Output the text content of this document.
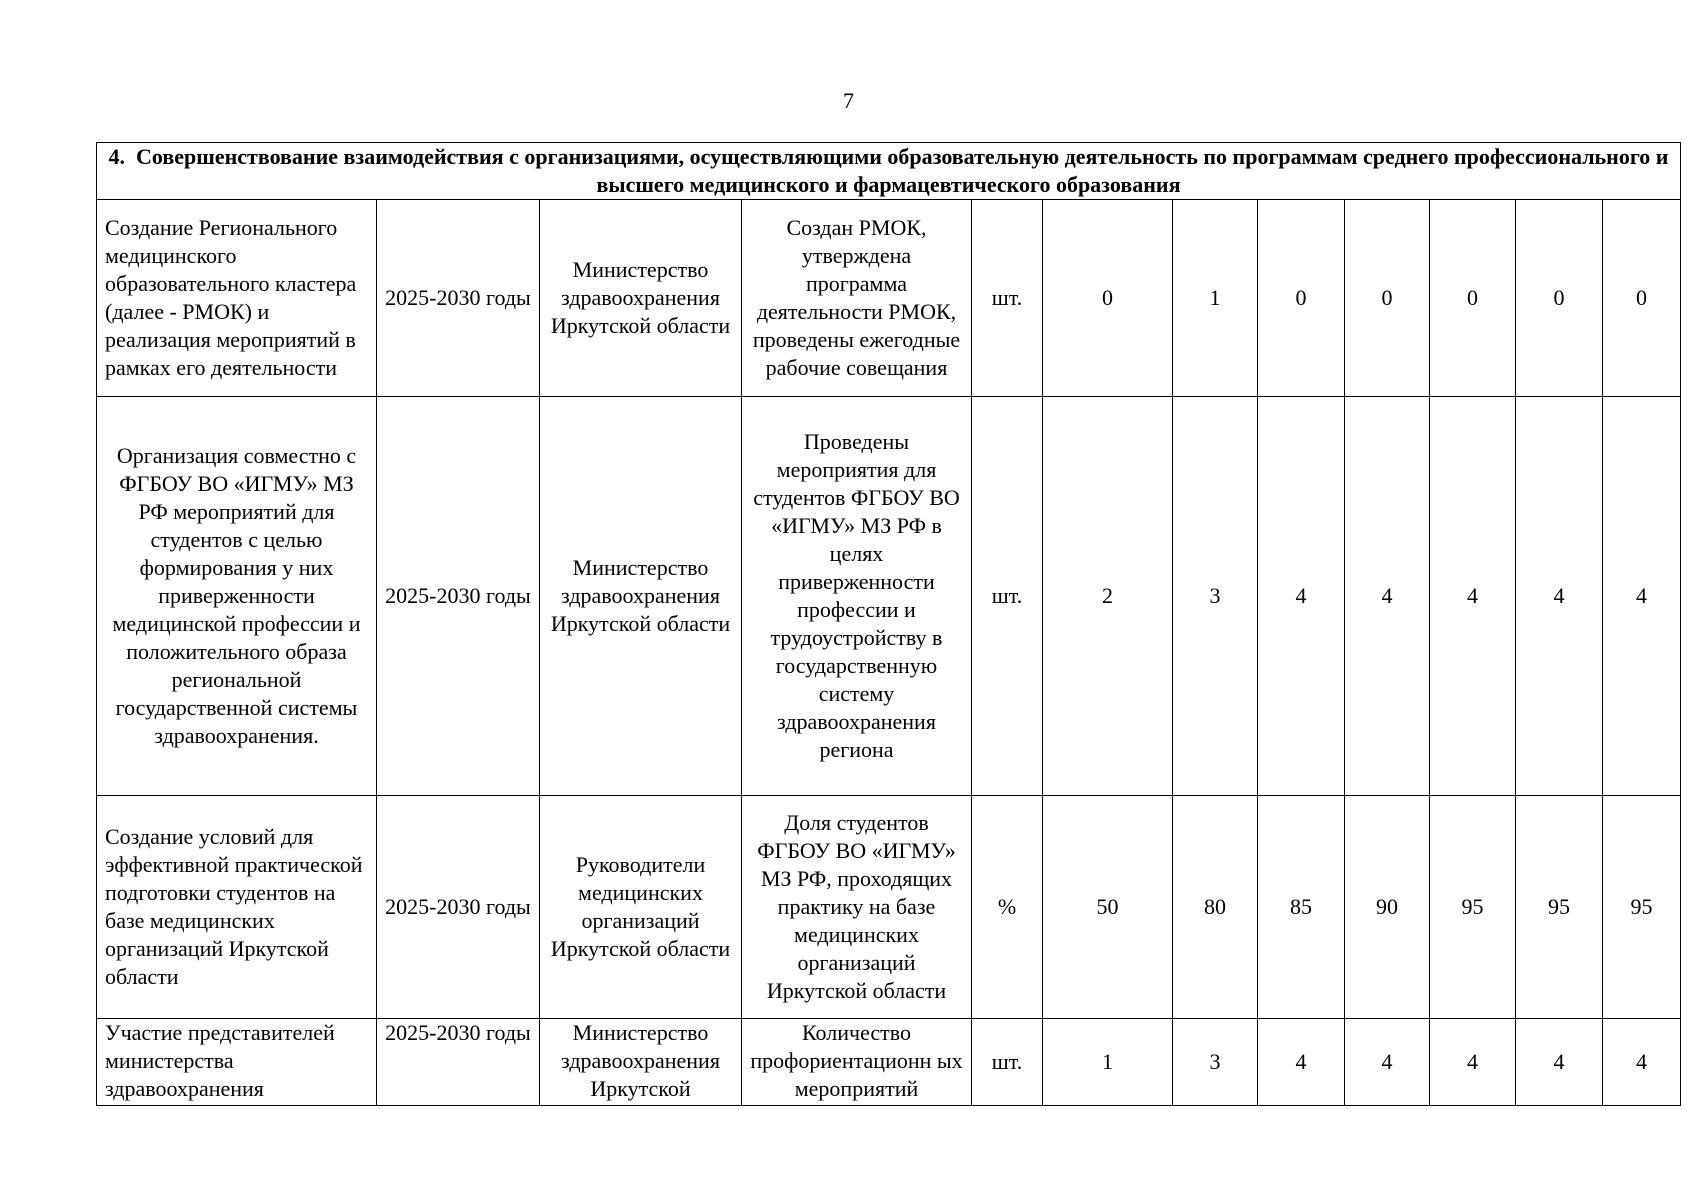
7
4.  Совершенствование взаимодействия с организациями, осуществляющими образовательную деятельность по программам среднего профессионального и высшего медицинского и фармацевтического образования											
Создание Регионального медицинского образовательного кластера (далее - РМОК) и реализация мероприятий в рамках его деятельности	2025-2030 годы	Министерство здравоохранения Иркутской области	Создан РМОК, утверждена программа деятельности РМОК, проведены ежегодные рабочие совещания	шт.	0	1	0	0	0	0	0
Организация совместно с ФГБОУ ВО «ИГМУ» МЗ РФ мероприятий для студентов с целью формирования у них приверженности медицинской профессии и положительного образа региональной государственной системы здравоохранения.	2025-2030 годы	Министерство здравоохранения Иркутской области	Проведены мероприятия для студентов ФГБОУ ВО «ИГМУ» МЗ РФ в целях приверженности профессии и трудоустройству в государственную систему здравоохранения региона	шт.	2	3	4	4	4	4	4
Создание условий для эффективной практической подготовки студентов на базе медицинских организаций Иркутской области	2025-2030 годы	Руководители медицинских организаций Иркутской области	Доля студентов ФГБОУ ВО «ИГМУ» МЗ РФ, проходящих практику на базе медицинских организаций Иркутской области	%	50	80	85	90	95	95	95
Участие представителей министерства здравоохранения	2025-2030 годы	Министерство здравоохранения Иркутской	Количество профориентационн ых мероприятий	шт.	1	3	4	4	4	4	4
